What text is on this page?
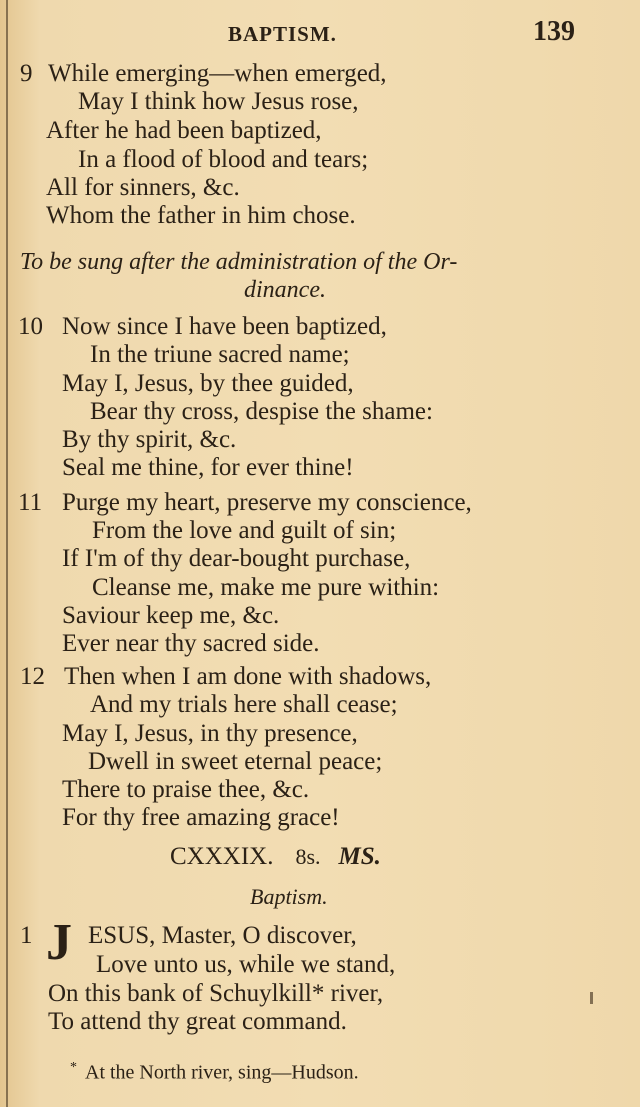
BAPTISM.	139
9 While emerging—when emerged,
May I think how Jesus rose,
After he had been baptized,
In a flood of blood and tears;
All for sinners, &c.
Whom the father in him chose.
To be sung after the administration of the Or-
dinance.
10 Now since I have been baptized,
In the triune sacred name;
May I, Jesus, by thee guided,
Bear thy cross, despise the shame:
By thy spirit, &c.
Seal me thine, for ever thine!
11 Purge my heart, preserve my conscience,
From the love and guilt of sin;
If I'm of thy dear-bought purchase,
Cleanse me, make me pure within:
Saviour keep me, &c.
Ever near thy sacred side.
12 Then when I am done with shadows,
And my trials here shall cease;
May I, Jesus, in thy presence,
Dwell in sweet eternal peace;
There to praise thee, &c.
For thy free amazing grace!
CXXXIX. 8s. MS.
Baptism.
1 J ESUS, Master, O discover,
Love unto us, while we stand,
On this bank of Schuylkill* river,
To attend thy great command.
* At the North river, sing—Hudson.
